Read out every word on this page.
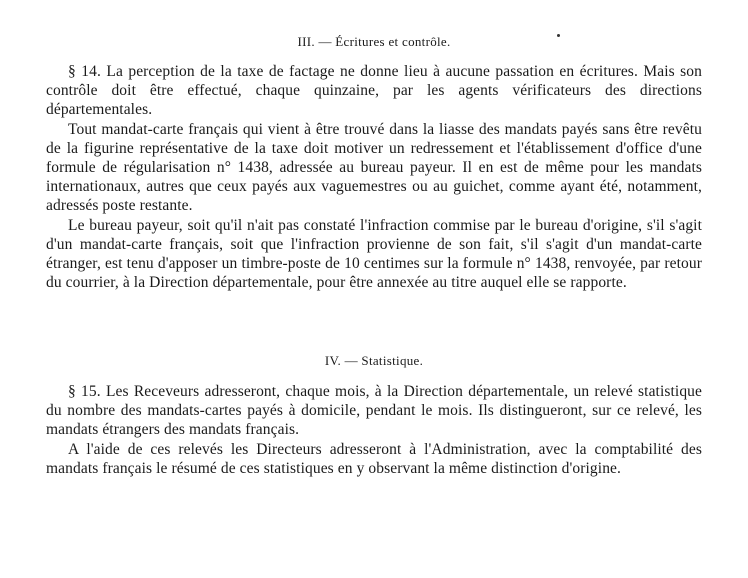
III. — Écritures et contrôle.

§ 14. La perception de la taxe de factage ne donne lieu à aucune passation en écritures. Mais son contrôle doit être effectué, chaque quinzaine, par les agents vérificateurs des directions départementales.

Tout mandat-carte français qui vient à être trouvé dans la liasse des mandats payés sans être revêtu de la figurine représentative de la taxe doit motiver un redressement et l'établissement d'office d'une formule de régularisation n° 1438, adressée au bureau payeur. Il en est de même pour les mandats internationaux, autres que ceux payés aux vaguemestres ou au guichet, comme ayant été, notamment, adressés poste restante.

Le bureau payeur, soit qu'il n'ait pas constaté l'infraction commise par le bureau d'origine, s'il s'agit d'un mandat-carte français, soit que l'infraction provienne de son fait, s'il s'agit d'un mandat-carte étranger, est tenu d'apposer un timbre-poste de 10 centimes sur la formule n° 1438, renvoyée, par retour du courrier, à la Direction départementale, pour être annexée au titre auquel elle se rapporte.

IV. — Statistique.

§ 15. Les Receveurs adresseront, chaque mois, à la Direction départementale, un relevé statistique du nombre des mandats-cartes payés à domicile, pendant le mois. Ils distingueront, sur ce relevé, les mandats étrangers des mandats français.

A l'aide de ces relevés les Directeurs adresseront à l'Administration, avec la comptabilité des mandats français le résumé de ces statistiques en y observant la même distinction d'origine.
